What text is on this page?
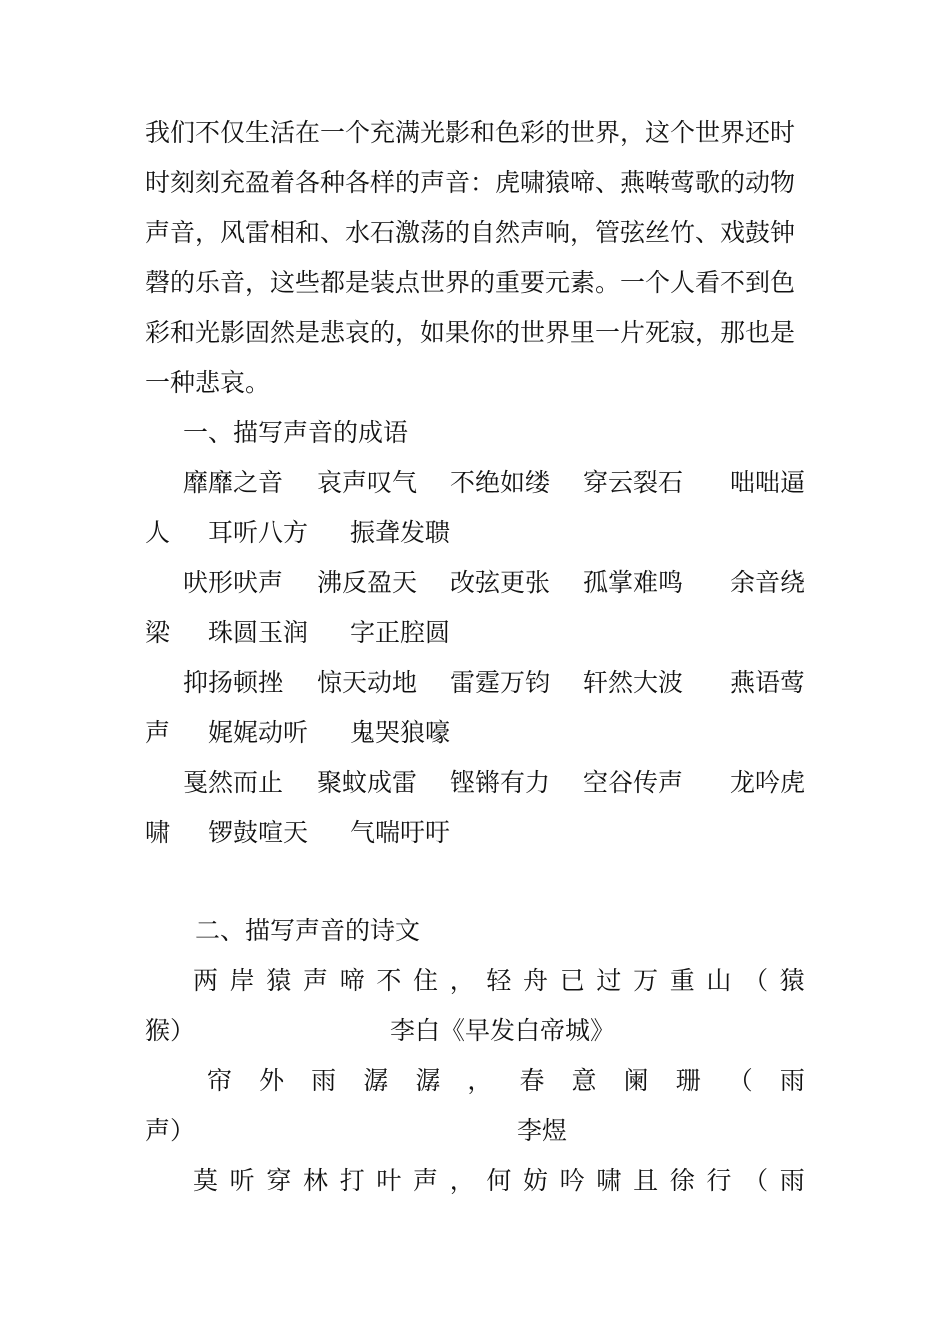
我们不仅生活在一个充满光影和色彩的世界，这个世界还时
时刻刻充盈着各种各样的声音：虎啸猿啼、燕啭莺歌的动物
声音，风雷相和、水石激荡的自然声响，管弦丝竹、戏鼓钟
磬的乐音，这些都是装点世界的重要元素。一个人看不到色
彩和光影固然是悲哀的，如果你的世界里一片死寂，那也是
一种悲哀。
一、描写声音的成语
靡靡之音 哀声叹气 不绝如缕 穿云裂石 咄咄逼
人 耳听八方 振聋发聩
吠形吠声 沸反盈天 改弦更张 孤掌难鸣 余音绕
梁 珠圆玉润 字正腔圆
抑扬顿挫 惊天动地 雷霆万钧 轩然大波 燕语莺
声 娓娓动听 鬼哭狼嚎
戛然而止 聚蚊成雷 铿锵有力 空谷传声 龙吟虎
啸 锣鼓喧天 气喘吁吁
二、描写声音的诗文
两 岸 猿 声 啼 不 住 ， 轻 舟 已 过 万 重 山 （ 猿
猴）	李白《早发白帝城》
帘 外 雨 潺 潺 ， 春 意 阑 珊 （ 雨
声）	李煜
莫 听 穿 林 打 叶 声 ， 何 妨 吟 啸 且 徐 行 （ 雨
